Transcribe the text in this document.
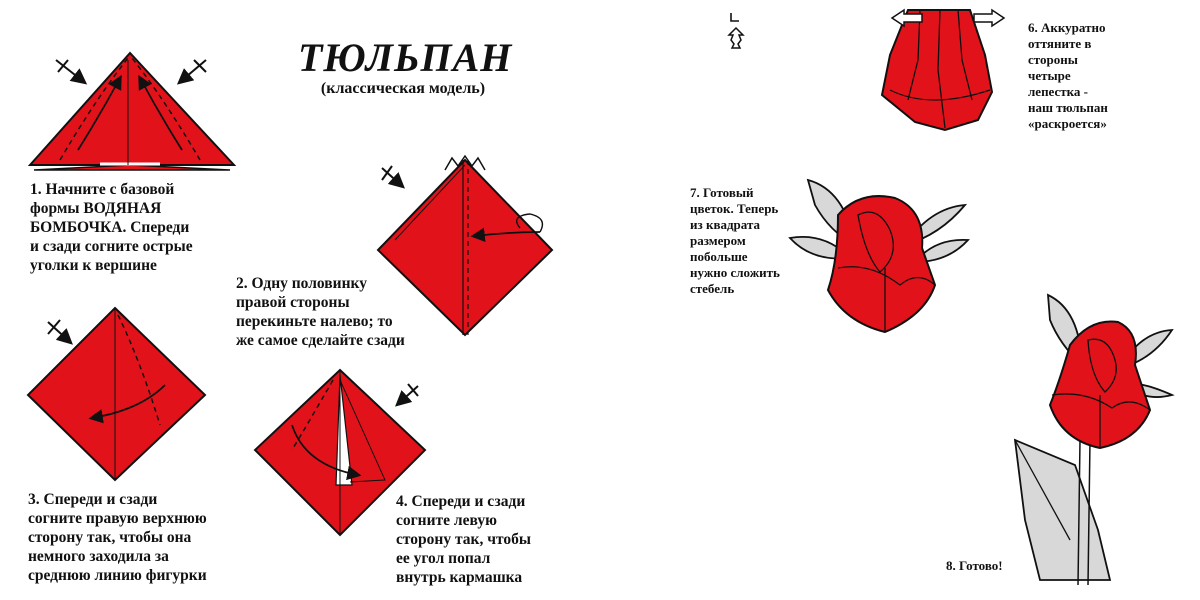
ТЮЛЬПАН
(классическая модель)
1. Начните с базовой
формы ВОДЯНАЯ
БОМБОЧКА. Спереди
и сзади согните острые
уголки к вершине
2. Одну половинку
правой стороны
перекиньте налево; то
же самое сделайте сзади
3. Спереди и сзади
согните правую верхнюю
сторону так, чтобы она
немного заходила за
среднюю линию фигурки
4. Спереди и сзади
согните левую
сторону так, чтобы
ее угол попал
внутрь кармашка
6. Аккуратно
оттяните в
стороны
четыре
лепестка -
наш тюльпан
«раскроется»
7. Готовый
цветок. Теперь
из квадрата
размером
побольше
нужно сложить
стебель
8. Готово!
